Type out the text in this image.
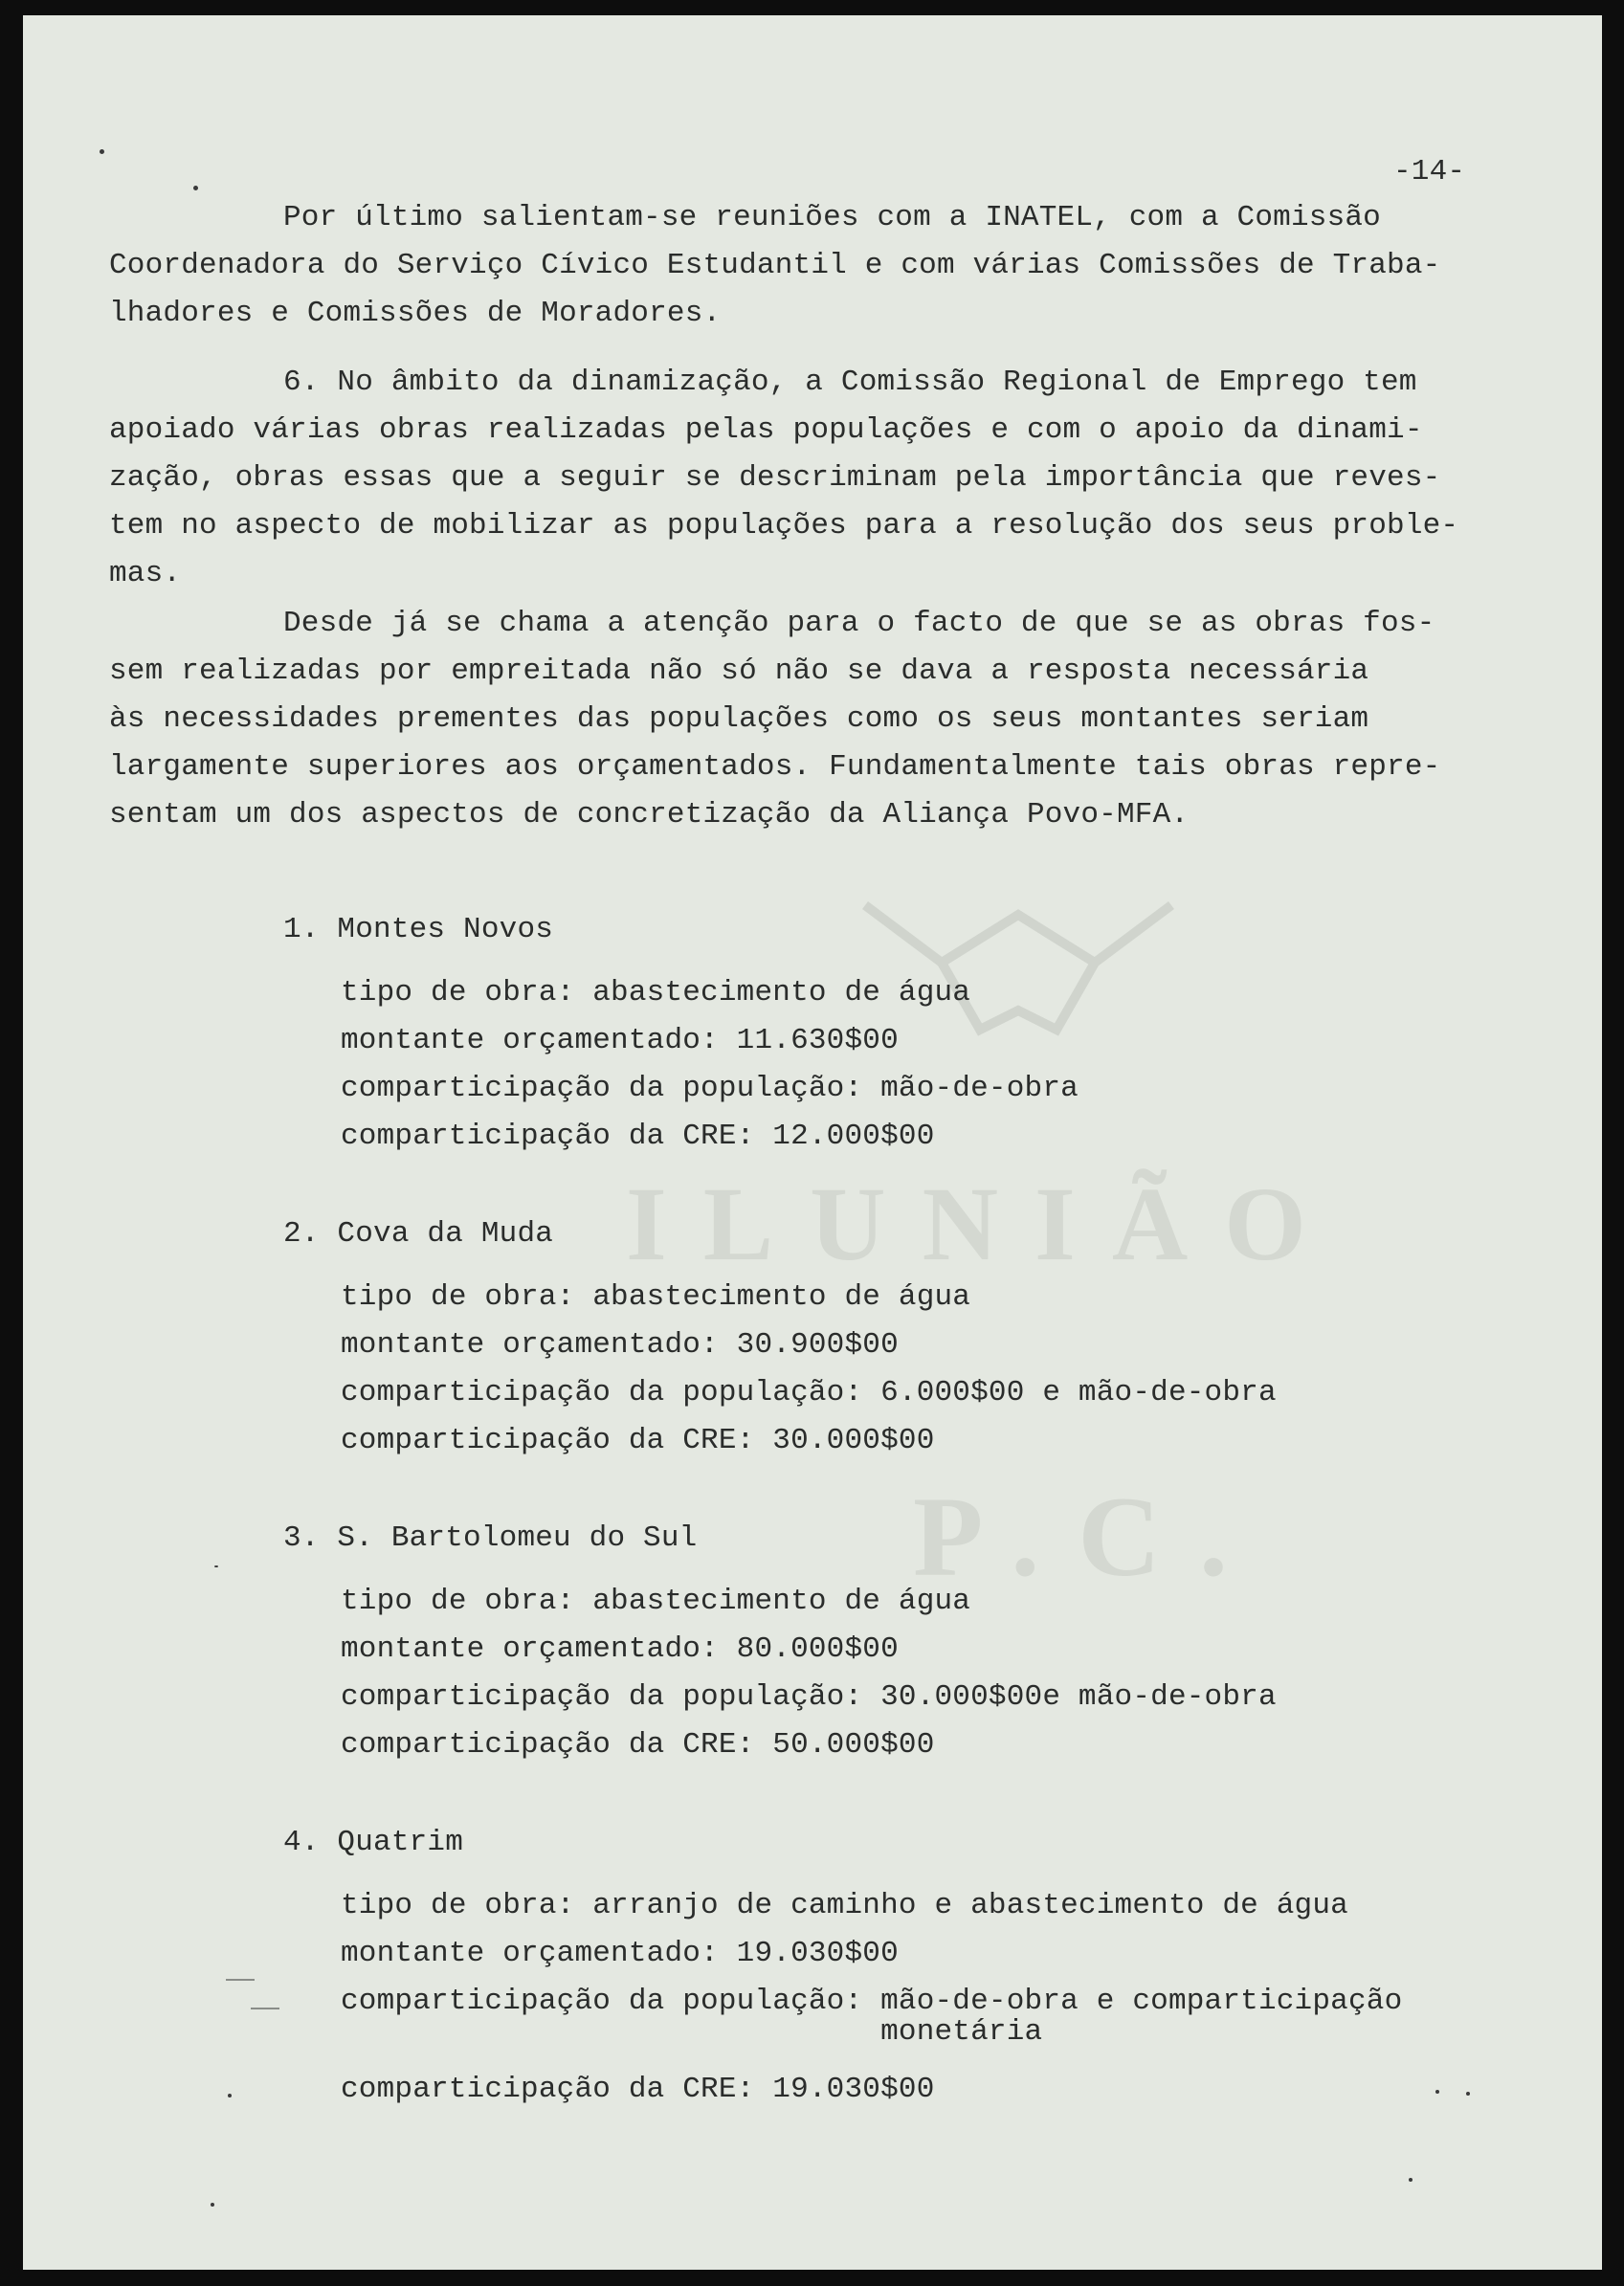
ILUNIÃO
P.C.
-14-
Por último salientam-se reuniões com a INATEL, com a Comissão
Coordenadora do Serviço Cívico Estudantil e com várias Comissões de Traba-
lhadores e Comissões de Moradores.
6. No âmbito da dinamização, a Comissão Regional de Emprego tem
apoiado várias obras realizadas pelas populações e com o apoio da dinami-
zação, obras essas que a seguir se descriminam pela importância que reves-
tem no aspecto de mobilizar as populações para a resolução dos seus proble-
mas.
Desde já se chama a atenção para o facto de que se as obras fos-
sem realizadas por empreitada não só não se dava a resposta necessária
às necessidades prementes das populações como os seus montantes seriam
largamente superiores aos orçamentados. Fundamentalmente tais obras repre-
sentam um dos aspectos de concretização da Aliança Povo-MFA.
1. Montes Novos
tipo de obra: abastecimento de água
montante orçamentado: 11.630$00
comparticipação da população: mão-de-obra
comparticipação da CRE: 12.000$00
2. Cova da Muda
tipo de obra: abastecimento de água
montante orçamentado: 30.900$00
comparticipação da população: 6.000$00 e mão-de-obra
comparticipação da CRE: 30.000$00
3. S. Bartolomeu do Sul
tipo de obra: abastecimento de água
montante orçamentado: 80.000$00
comparticipação da população: 30.000$00e mão-de-obra
comparticipação da CRE: 50.000$00
4. Quatrim
tipo de obra: arranjo de caminho e abastecimento de água
montante orçamentado: 19.030$00
comparticipação da população: mão-de-obra e comparticipação
monetária
comparticipação da CRE: 19.030$00
